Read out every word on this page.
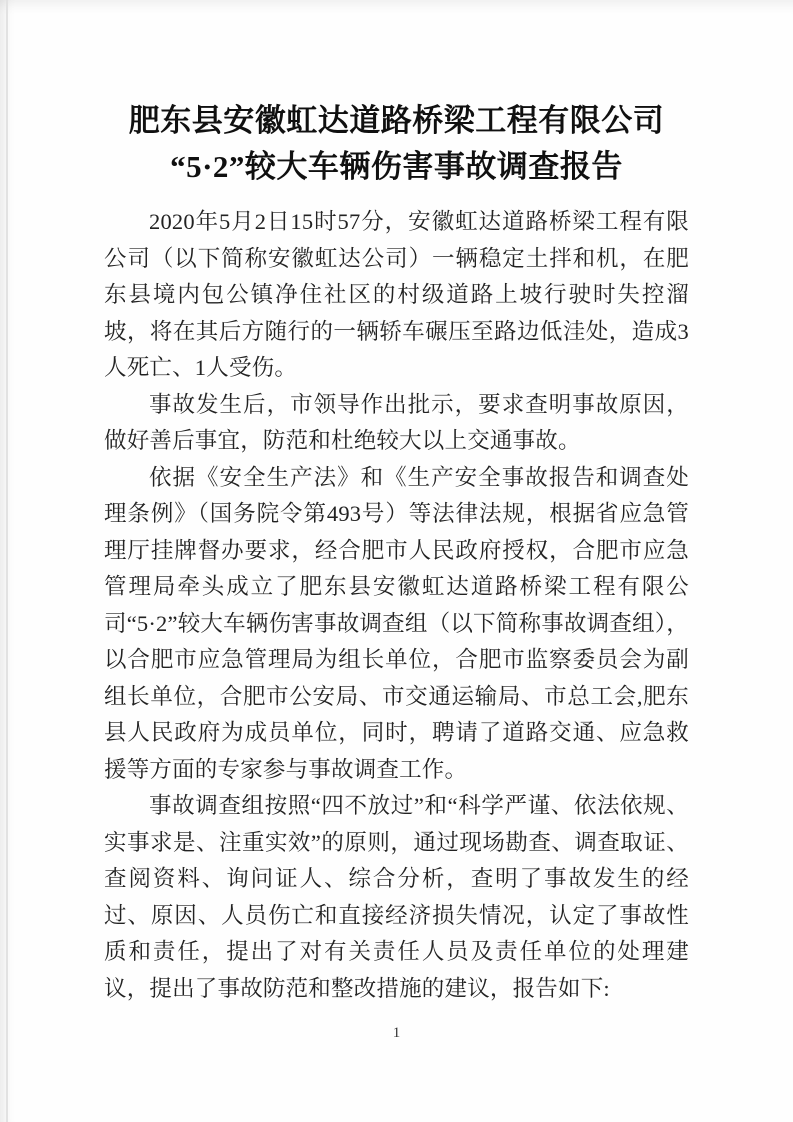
肥东县安徽虹达道路桥梁工程有限公司
“5·2”较大车辆伤害事故调查报告

2020年5月2日15时57分，安徽虹达道路桥梁工程有限公司（以下简称安徽虹达公司）一辆稳定土拌和机，在肥东县境内包公镇净住社区的村级道路上坡行驶时失控溜坡，将在其后方随行的一辆轿车碾压至路边低洼处，造成3人死亡、1人受伤。

事故发生后，市领导作出批示，要求查明事故原因，做好善后事宜，防范和杜绝较大以上交通事故。

依据《安全生产法》和《生产安全事故报告和调查处理条例》（国务院令第493号）等法律法规，根据省应急管理厅挂牌督办要求，经合肥市人民政府授权，合肥市应急管理局牵头成立了肥东县安徽虹达道路桥梁工程有限公司“5·2”较大车辆伤害事故调查组（以下简称事故调查组），以合肥市应急管理局为组长单位，合肥市监察委员会为副组长单位，合肥市公安局、市交通运输局、市总工会,肥东县人民政府为成员单位，同时，聘请了道路交通、应急救援等方面的专家参与事故调查工作。

事故调查组按照“四不放过”和“科学严谨、依法依规、实事求是、注重实效”的原则，通过现场勘查、调查取证、查阅资料、询问证人、综合分析，查明了事故发生的经过、原因、人员伤亡和直接经济损失情况，认定了事故性质和责任，提出了对有关责任人员及责任单位的处理建议，提出了事故防范和整改措施的建议，报告如下:

1
